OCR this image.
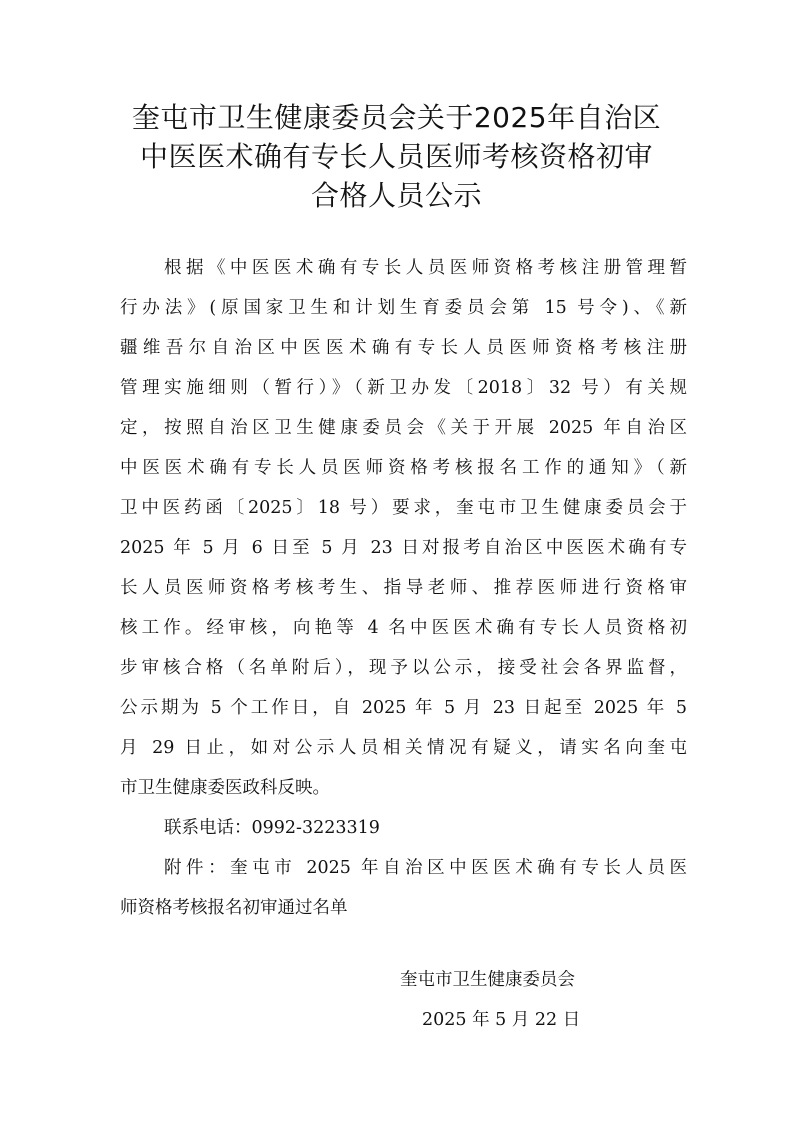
奎屯市卫生健康委员会关于2025年自治区
中医医术确有专长人员医师考核资格初审
合格人员公示

根据《中医医术确有专长人员医师资格考核注册管理暂

行办法》(原国家卫生和计划生育委员会第 15 号令)、《新

疆维吾尔自治区中医医术确有专长人员医师资格考核注册

管理实施细则（暂行）》（新卫办发〔2018〕32 号）有关规

定，按照自治区卫生健康委员会《关于开展 2025 年自治区

中医医术确有专长人员医师资格考核报名工作的通知》（新

卫中医药函〔2025〕18 号）要求，奎屯市卫生健康委员会于

2025 年 5 月 6 日至 5 月 23 日对报考自治区中医医术确有专

长人员医师资格考核考生、指导老师、推荐医师进行资格审

核工作。经审核，向艳等 4 名中医医术确有专长人员资格初

步审核合格（名单附后），现予以公示，接受社会各界监督，

公示期为 5 个工作日，自 2025 年 5 月 23 日起至 2025 年 5

月 29 日止，如对公示人员相关情况有疑义，请实名向奎屯

市卫生健康委医政科反映。

联系电话：0992-3223319

附件：奎屯市 2025 年自治区中医医术确有专长人员医

师资格考核报名初审通过名单

奎屯市卫生健康委员会
2025 年 5 月 22 日
